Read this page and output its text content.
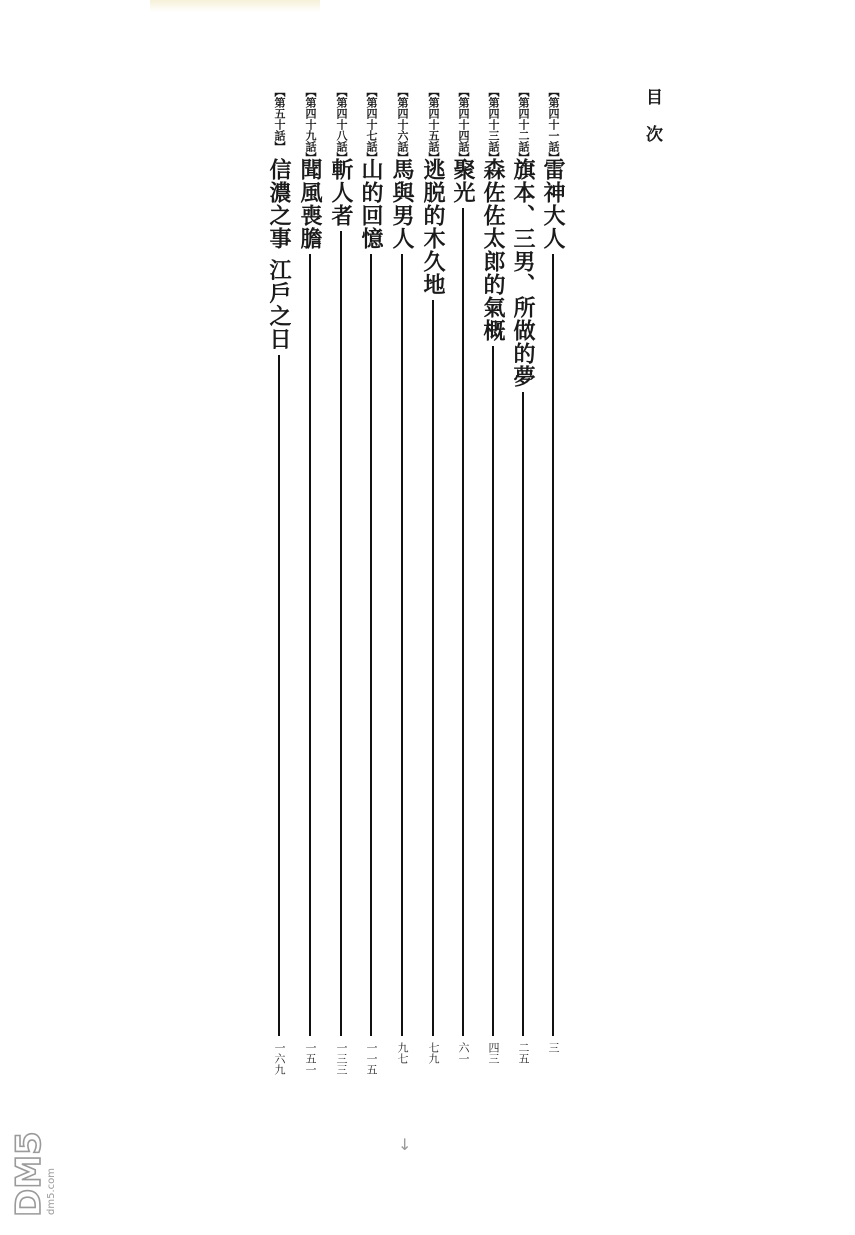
目次
【第四十一話】
雷神大人
三
【第四十二話】
旗本、三男、所做的夢
二五
【第四十三話】
森佐佐太郎的氣概
四三
【第四十四話】
聚光
六一
【第四十五話】
逃脱的木久地
七九
【第四十六話】
馬與男人
九七
【第四十七話】
山的回憶
一一五
【第四十八話】
斬人者
一三三
【第四十九話】
聞風喪膽
一五一
【第五十話】
信濃之事 江戶之日
一六九
↓
DM5
dm5.com
